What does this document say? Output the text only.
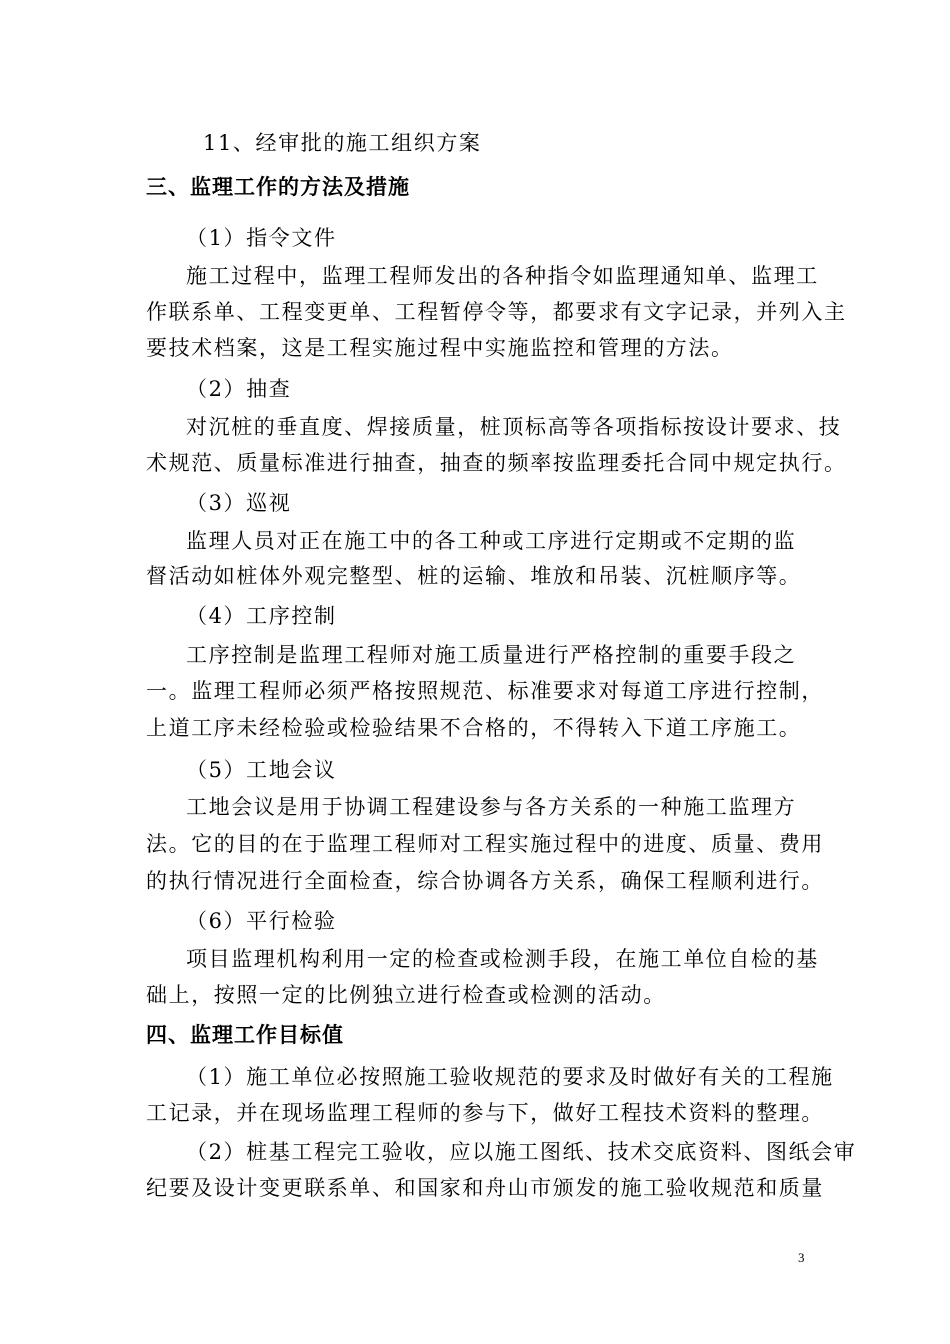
11、经审批的施工组织方案
三、监理工作的方法及措施
（1）指令文件
施工过程中，监理工程师发出的各种指令如监理通知单、监理工
作联系单、工程变更单、工程暂停令等，都要求有文字记录，并列入主
要技术档案，这是工程实施过程中实施监控和管理的方法。
（2）抽查
对沉桩的垂直度、焊接质量，桩顶标高等各项指标按设计要求、技
术规范、质量标准进行抽查，抽查的频率按监理委托合同中规定执行。
（3）巡视
监理人员对正在施工中的各工种或工序进行定期或不定期的监
督活动如桩体外观完整型、桩的运输、堆放和吊装、沉桩顺序等。
（4）工序控制
工序控制是监理工程师对施工质量进行严格控制的重要手段之
一。监理工程师必须严格按照规范、标准要求对每道工序进行控制，
上道工序未经检验或检验结果不合格的，不得转入下道工序施工。
（5）工地会议
工地会议是用于协调工程建设参与各方关系的一种施工监理方
法。它的目的在于监理工程师对工程实施过程中的进度、质量、费用
的执行情况进行全面检查，综合协调各方关系，确保工程顺利进行。
（6）平行检验
项目监理机构利用一定的检查或检测手段，在施工单位自检的基
础上，按照一定的比例独立进行检查或检测的活动。
四、监理工作目标值
（1）施工单位必按照施工验收规范的要求及时做好有关的工程施
工记录，并在现场监理工程师的参与下，做好工程技术资料的整理。
（2）桩基工程完工验收，应以施工图纸、技术交底资料、图纸会审
纪要及设计变更联系单、和国家和舟山市颁发的施工验收规范和质量
3
